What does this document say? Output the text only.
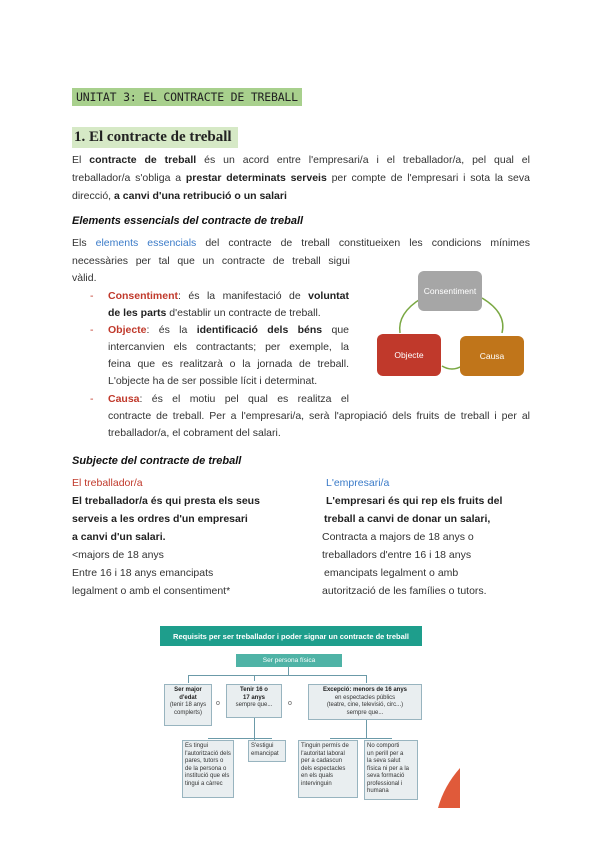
UNITAT 3: EL CONTRACTE DE TREBALL
1. El contracte de treball
El contracte de treball és un acord entre l'empresari/a i el treballador/a, pel qual el
treballador/a s'obliga a prestar determinats serveis per compte de l'empresari i sota la seva
direcció, a canvi d'una retribució o un salari
Elements essencials del contracte de treball
Els elements essencials del contracte de treball constitueixen les condicions mínimes
necessàries per tal que un contracte de treball sigui
vàlid.
- Consentiment: és la manifestació de voluntat
de les parts d'establir un contracte de treball.
- Objecte: és la identificació dels béns que
intercanvien els contractants; per exemple, la
feina que es realitzarà o la jornada de treball.
L'objecte ha de ser possible lícit i determinat.
- Causa: és el motiu pel qual es realitza el
contracte de treball. Per a l'empresari/a, serà l'apropiació dels fruits de treball i per al
treballador/a, el cobrament del salari.
Consentiment
Objecte	Causa
Subjecte del contracte de treball
El treballador/a
El treballador/a és qui presta els seus
serveis a les ordres d'un empresari
a canvi d'un salari.
<majors de 18 anys
Entre 16 i 18 anys emancipats
legalment o amb el consentiment*
L'empresari/a
L'empresari és qui rep els fruits del
treball a canvi de donar un salari,
Contracta a majors de 18 anys o
treballadors d'entre 16 i 18 anys
emancipats legalment o amb
autorització de les famílies o tutors.
Requisits per ser treballador i poder signar un contracte de treball
Ser persona física
Ser major
d'edat
(tenir 18 anys
complerts)
o
Tenir 16 o
17 anys
sempre que...	o
Excepció: menors de 16 anys
en espectacles públics
(teatre, cine, televisió, circ...)
sempre que...
Es tingui
l'autorització dels
pares, tutors o
de la persona o
institució que els
tingui a càrrec
S'estigui
emancipat
Tinguin permís de
l'autoritat laboral
per a cadascun
dels espectacles
en els quals
intervinguin
No comporti
un perill per a
la seva salut
física ni per a la
seva formació
professional i
humana
